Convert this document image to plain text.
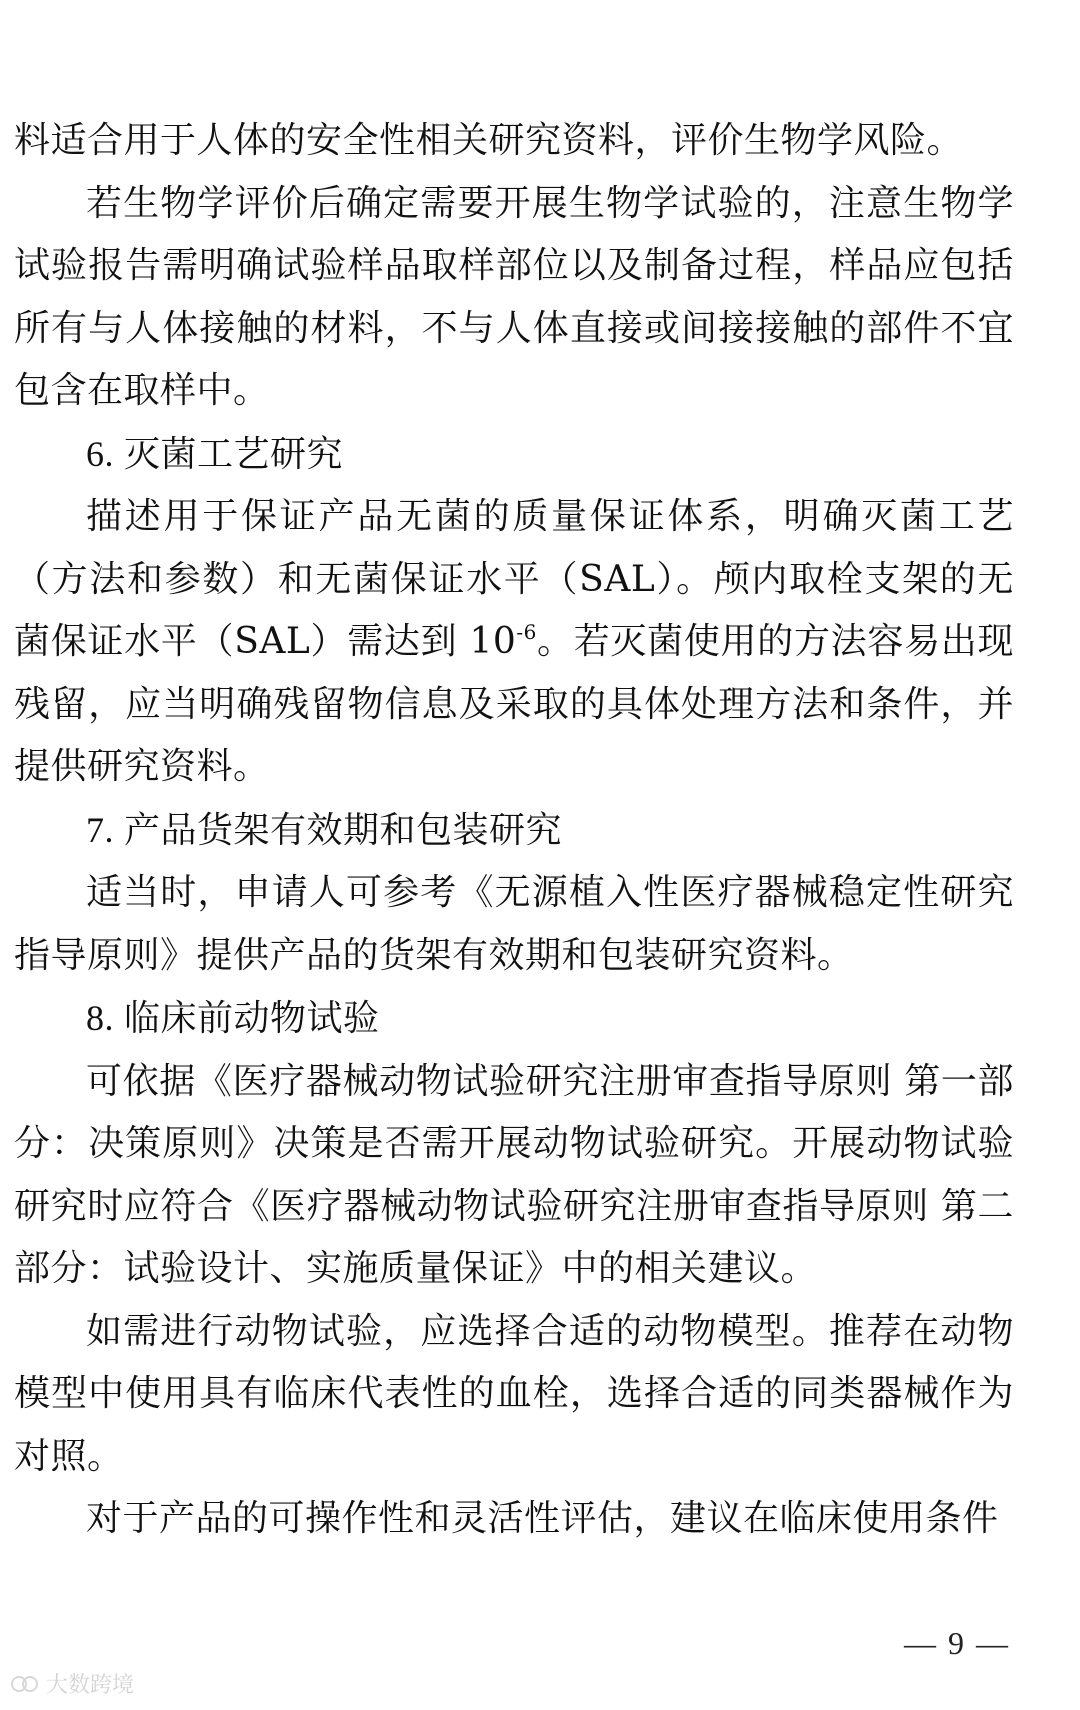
料适合用于人体的安全性相关研究资料，评价生物学风险。

若生物学评价后确定需要开展生物学试验的，注意生物学试验报告需明确试验样品取样部位以及制备过程，样品应包括所有与人体接触的材料，不与人体直接或间接接触的部件不宜包含在取样中。

6. 灭菌工艺研究

描述用于保证产品无菌的质量保证体系，明确灭菌工艺（方法和参数）和无菌保证水平（SAL）。颅内取栓支架的无菌保证水平（SAL）需达到 $10^{-6}$。若灭菌使用的方法容易出现残留，应当明确残留物信息及采取的具体处理方法和条件，并提供研究资料。

7. 产品货架有效期和包装研究

适当时，申请人可参考《无源植入性医疗器械稳定性研究指导原则》提供产品的货架有效期和包装研究资料。

8. 临床前动物试验

可依据《医疗器械动物试验研究注册审查指导原则 第一部分：决策原则》决策是否需开展动物试验研究。开展动物试验研究时应符合《医疗器械动物试验研究注册审查指导原则 第二部分：试验设计、实施质量保证》中的相关建议。

如需进行动物试验，应选择合适的动物模型。推荐在动物模型中使用具有临床代表性的血栓，选择合适的同类器械作为对照。

对于产品的可操作性和灵活性评估，建议在临床使用条件

— 9 —
大数跨境
